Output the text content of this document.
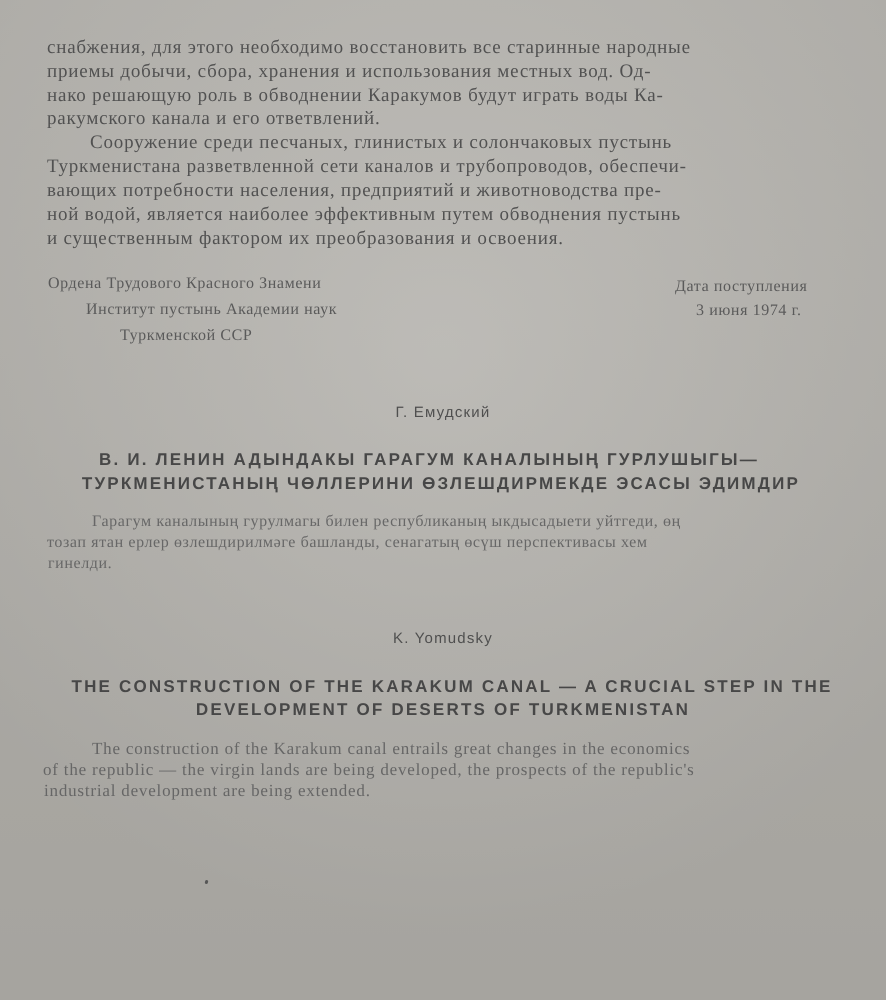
снабжения, для этого необходимо восстановить все старинные народные
приемы добычи, сбора, хранения и использования местных вод. Од-
нако решающую роль в обводнении Каракумов будут играть воды Ка-
ракумского канала и его ответвлений.
Сооружение среди песчаных, глинистых и солончаковых пустынь
Туркменистана разветвленной сети каналов и трубопроводов, обеспечи-
вающих потребности населения, предприятий и животноводства пре-
ной водой, является наиболее эффективным путем обводнения пустынь
и существенным фактором их преобразования и освоения.
Ордена Трудового Красного Знамени
Институт пустынь Академии наук
Туркменской ССР
Дата поступления
3 июня 1974 г.
Г. Емудский
В. И. ЛЕНИН АДЫНДАКЫ ГАРАГУМ КАНАЛЫНЫҢ ГУРЛУШЫГЫ—
ТУРКМЕНИСТАНЫҢ ЧӨЛЛЕРИНИ ӨЗЛЕШДИРМЕКДЕ ЭСАСЫ ЭДИМДИР
Гарагум каналының гурулмагы билен республиканың ыкдысадыети уйтгеди, өң
тозап ятан ерлер өзлешдирилмәге башланды, сенагатың өсүш перспективасы хем
гинелди.
K. Yomudsky
THE CONSTRUCTION OF THE KARAKUM CANAL — A CRUCIAL STEP IN THE
DEVELOPMENT OF DESERTS OF TURKMENISTAN
The construction of the Karakum canal entrails great changes in the economics
of the republic — the virgin lands are being developed, the prospects of the republic's
industrial development are being extended.
